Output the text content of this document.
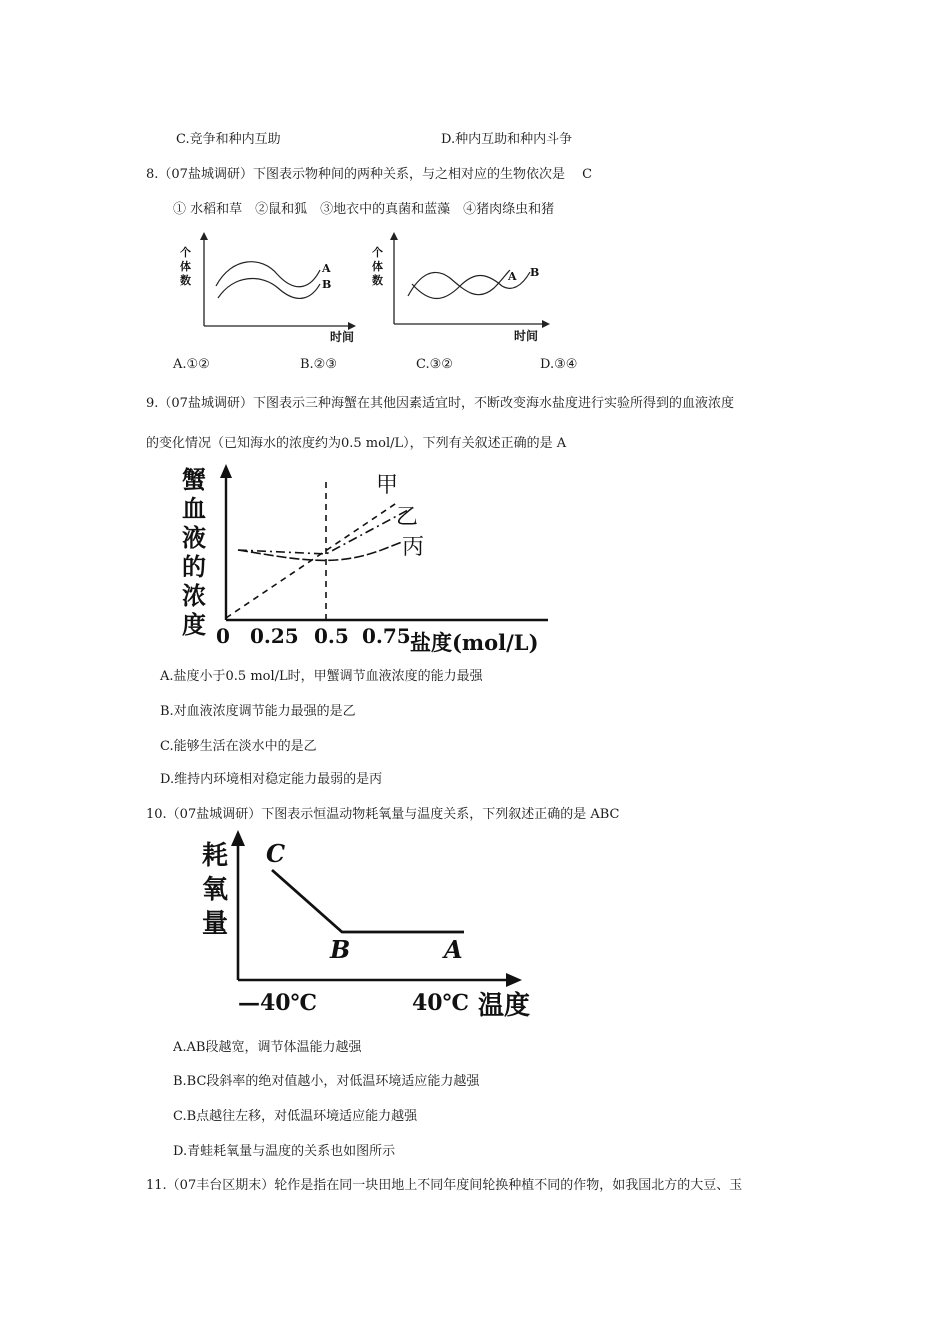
C.竞争和种内互助	D.种内互助和种内斗争
8.（07盐城调研）下图表示物种间的两种关系，与之相对应的生物依次是　 C
① 水稻和草　②鼠和狐　③地衣中的真菌和蓝藻　④猪肉绦虫和猪
个
体
数
A
B
时间
个
体
数	A B
时间
A.①②	B.②③	C.③②	D.③④
9.（07盐城调研）下图表示三种海蟹在其他因素适宜时，不断改变海水盐度进行实验所得到的血液浓度
的变化情况（已知海水的浓度约为0.5 mol/L），下列有关叙述正确的是 A
蟹
血
液
的
浓
度
甲
乙
丙
0 0.25 0.5 0.75 盐度(mol/L)
A.盐度小于0.5 mol/L时，甲蟹调节血液浓度的能力最强
B.对血液浓度调节能力最强的是乙
C.能够生活在淡水中的是乙
D.维持内环境相对稳定能力最弱的是丙
10.（07盐城调研）下图表示恒温动物耗氧量与温度关系，下列叙述正确的是 ABC
耗
氧
量
C
B	A
—40℃	40℃ 温度
A.AB段越宽，调节体温能力越强
B.BC段斜率的绝对值越小，对低温环境适应能力越强
C.B点越往左移，对低温环境适应能力越强
D.青蛙耗氧量与温度的关系也如图所示
11.（07丰台区期末）轮作是指在同一块田地上不同年度间轮换种植不同的作物，如我国北方的大豆、玉
